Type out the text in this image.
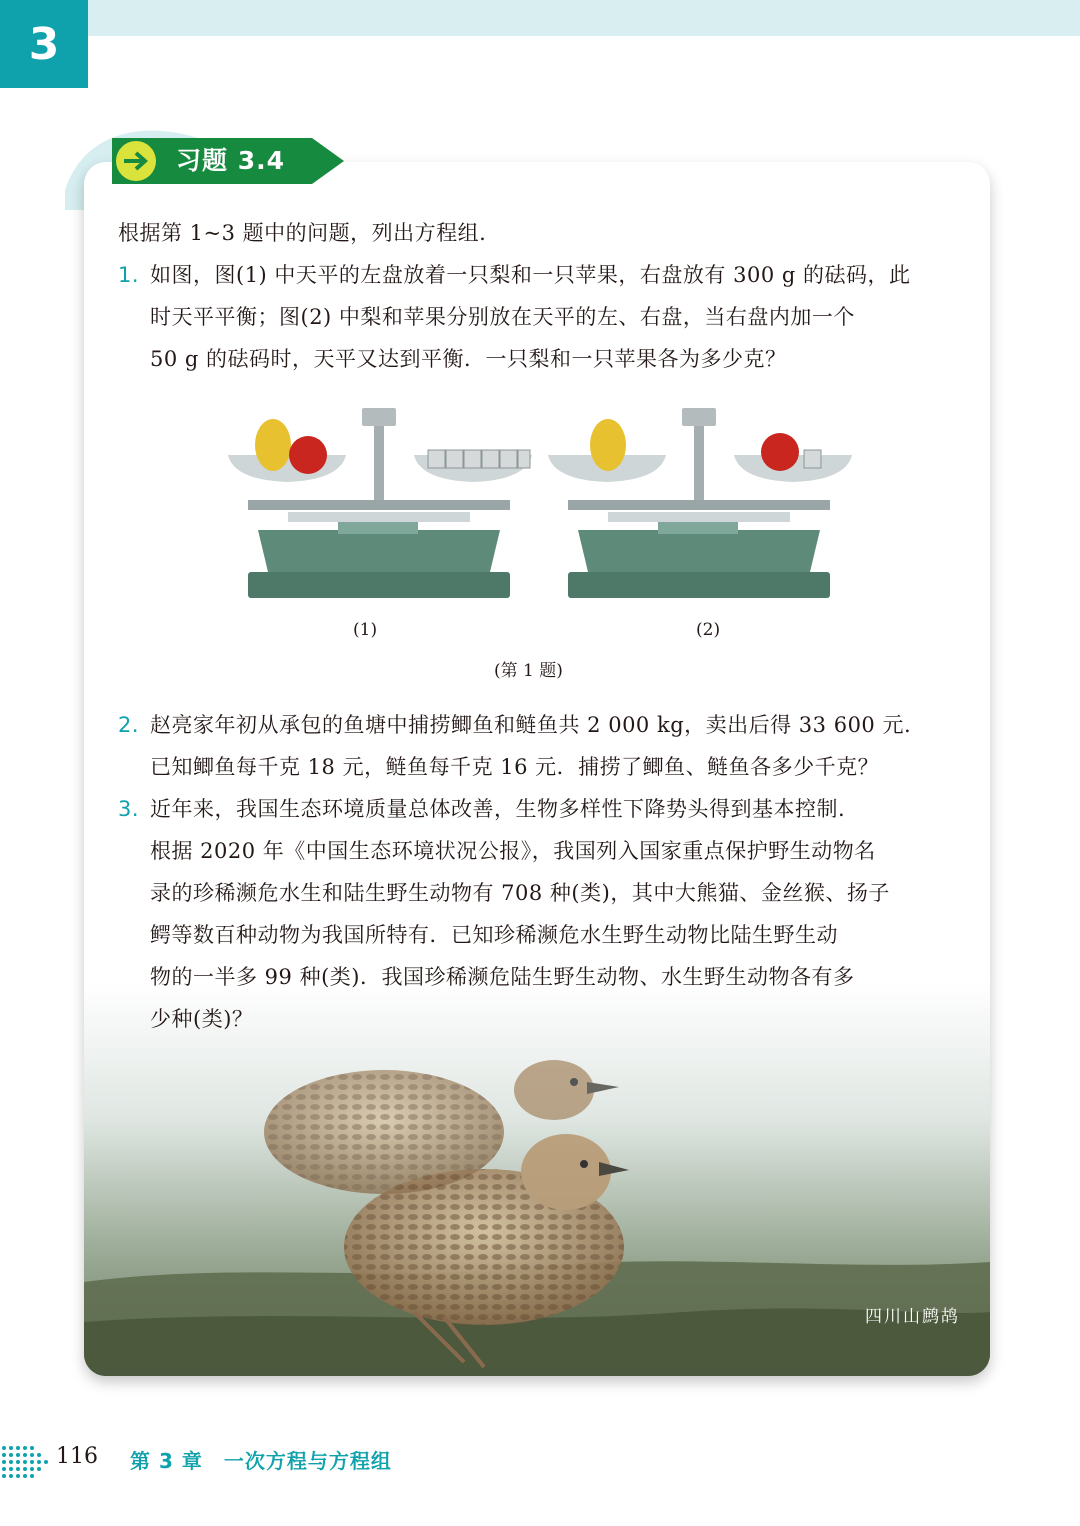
3
习题 3.4
根据第 1~3 题中的问题，列出方程组.
1. 如图，图(1) 中天平的左盘放着一只梨和一只苹果，右盘放有 300 g 的砝码，此
时天平平衡；图(2) 中梨和苹果分别放在天平的左、右盘，当右盘内加一个
50 g 的砝码时，天平又达到平衡．一只梨和一只苹果各为多少克？
(1)	(2)
(第 1 题)
2. 赵亮家年初从承包的鱼塘中捕捞鲫鱼和鲢鱼共 2 000 kg，卖出后得 33 600 元.
已知鲫鱼每千克 18 元，鲢鱼每千克 16 元．捕捞了鲫鱼、鲢鱼各多少千克？
3. 近年来，我国生态环境质量总体改善，生物多样性下降势头得到基本控制.
根据 2020 年《中国生态环境状况公报》，我国列入国家重点保护野生动物名
录的珍稀濒危水生和陆生野生动物有 708 种(类)，其中大熊猫、金丝猴、扬子
鳄等数百种动物为我国所特有．已知珍稀濒危水生野生动物比陆生野生动
物的一半多 99 种(类)．我国珍稀濒危陆生野生动物、水生野生动物各有多
少种(类)？
四川山鹧鸪
116 第 3 章　一次方程与方程组
